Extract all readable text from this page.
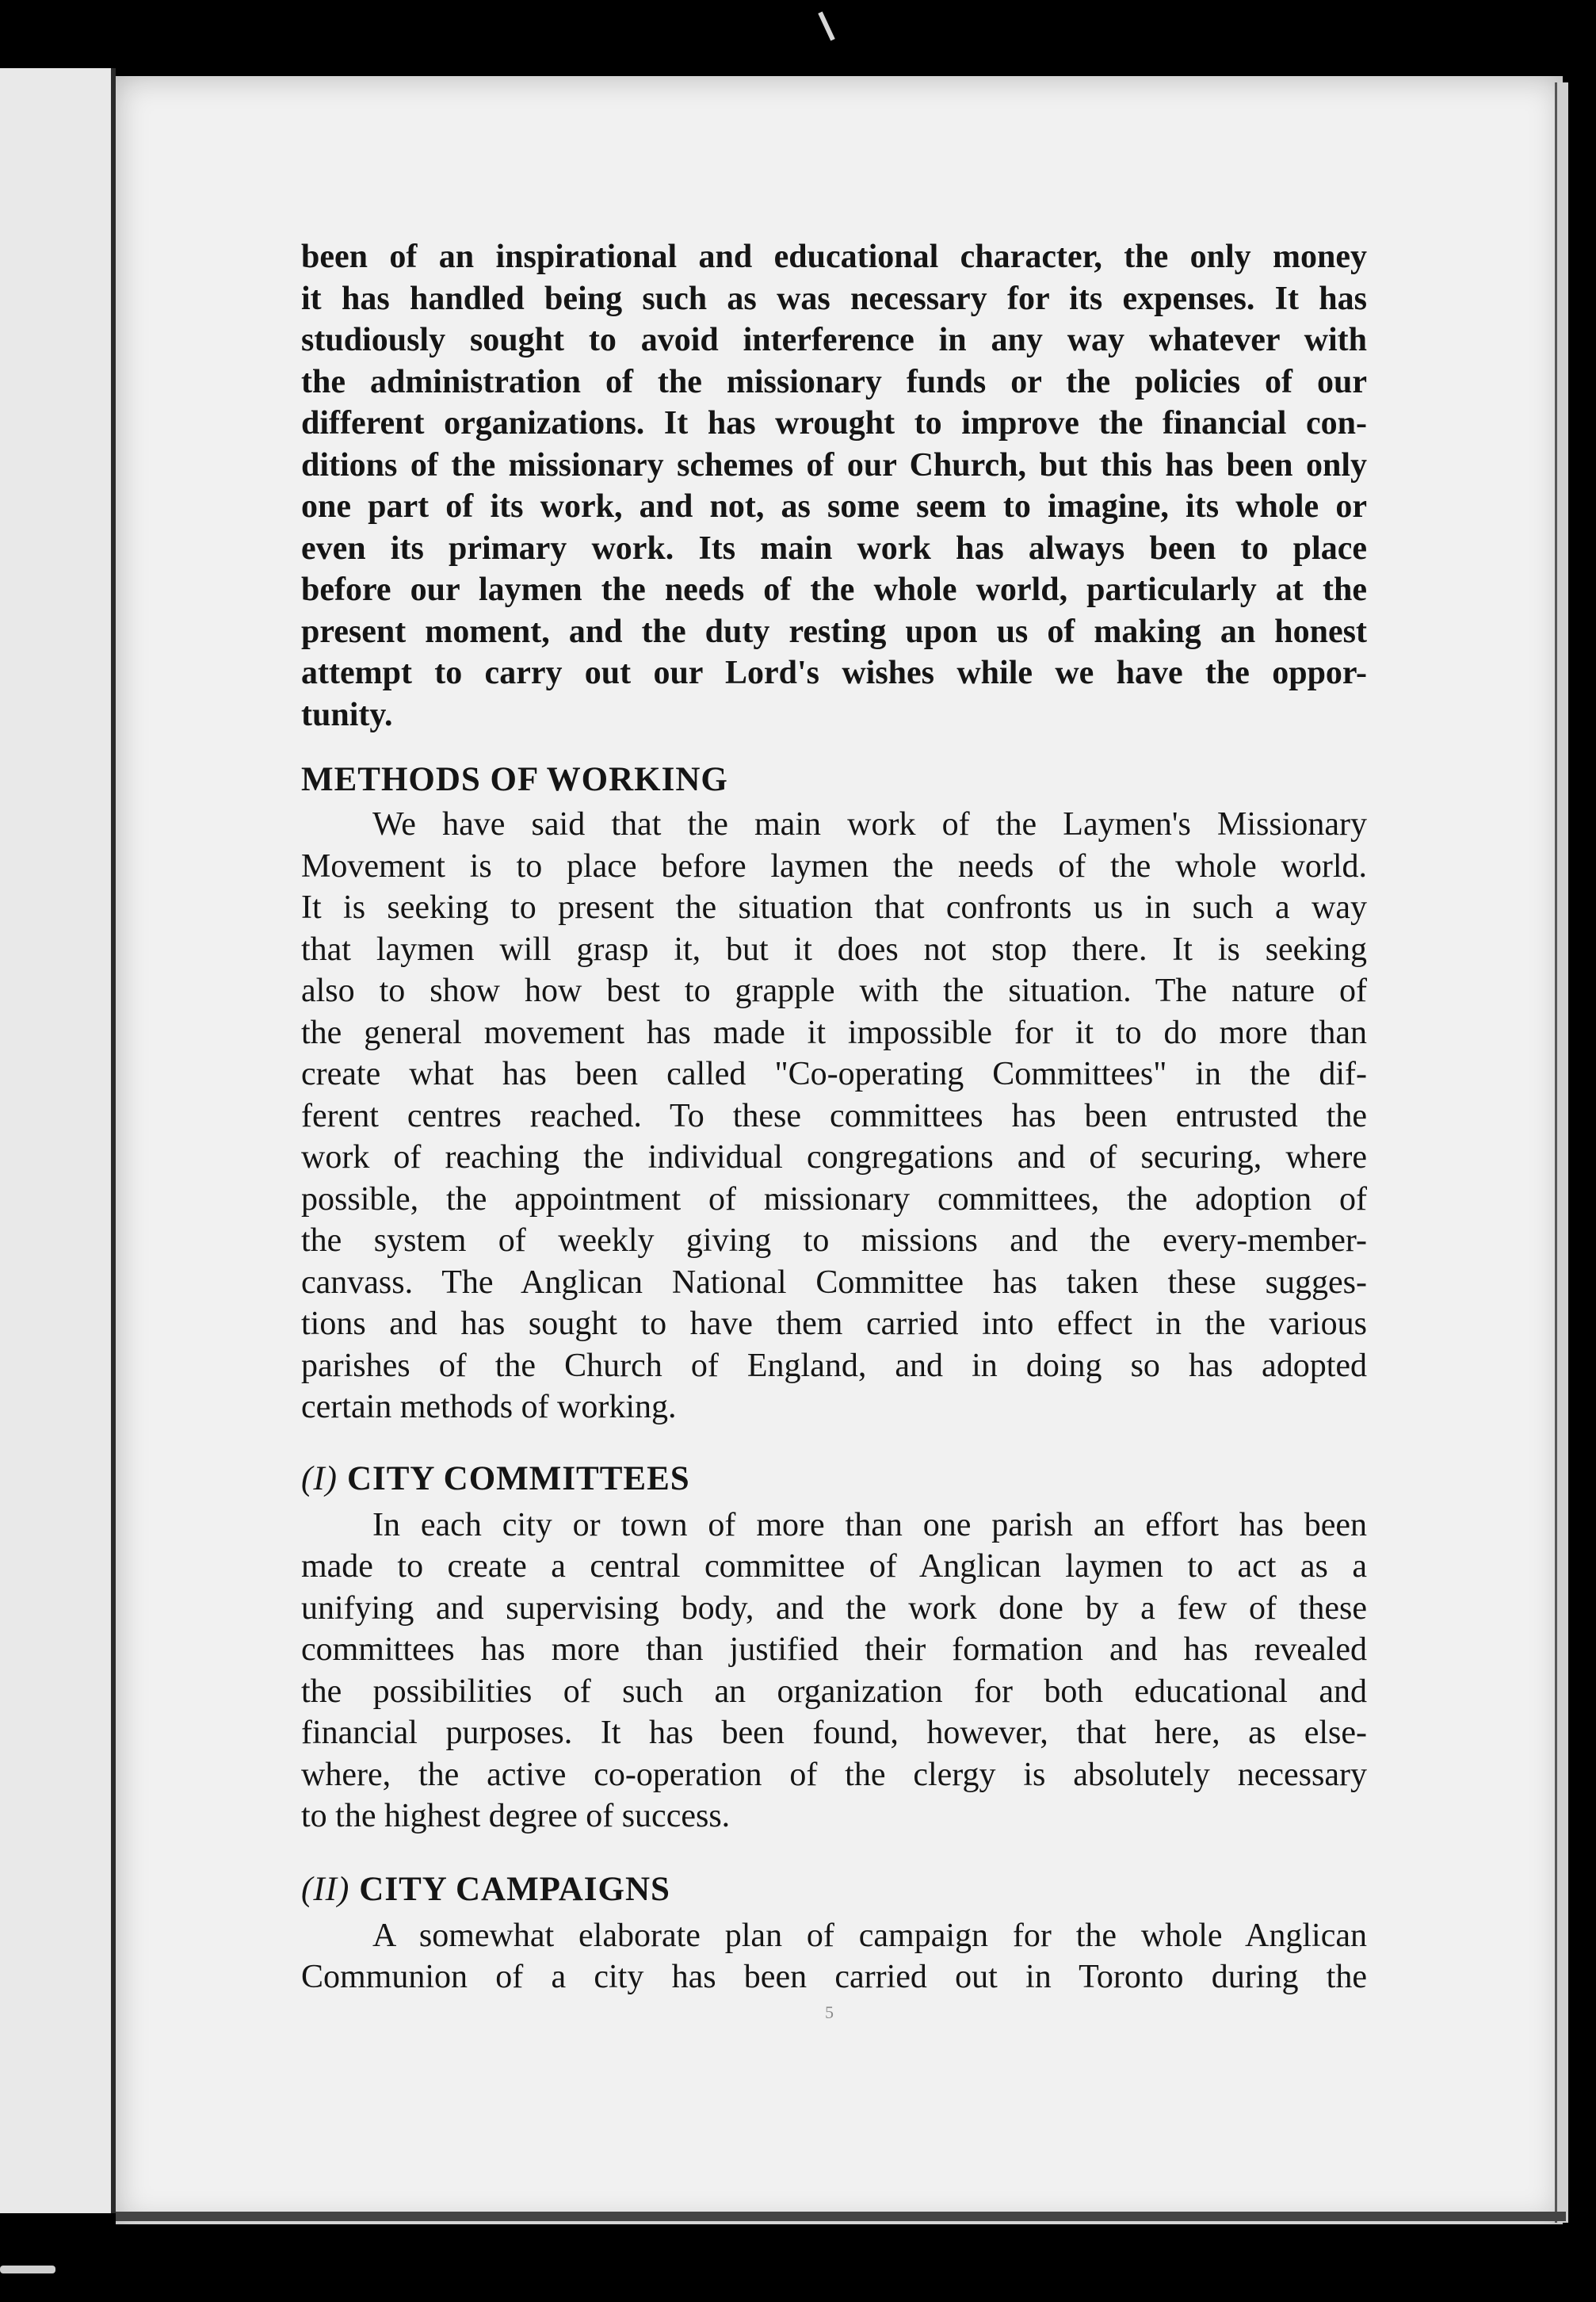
been of an inspirational and educational character, the only money
it has handled being such as was necessary for its expenses. It has
studiously sought to avoid interference in any way whatever with
the administration of the missionary funds or the policies of our
different organizations. It has wrought to improve the financial con-
ditions of the missionary schemes of our Church, but this has been only
one part of its work, and not, as some seem to imagine, its whole or
even its primary work. Its main work has always been to place
before our laymen the needs of the whole world, particularly at the
present moment, and the duty resting upon us of making an honest
attempt to carry out our Lord's wishes while we have the oppor-
tunity.
METHODS OF WORKING
We have said that the main work of the Laymen's Missionary
Movement is to place before laymen the needs of the whole world.
It is seeking to present the situation that confronts us in such a way
that laymen will grasp it, but it does not stop there. It is seeking
also to show how best to grapple with the situation. The nature of
the general movement has made it impossible for it to do more than
create what has been called "Co-operating Committees" in the dif-
ferent centres reached. To these committees has been entrusted the
work of reaching the individual congregations and of securing, where
possible, the appointment of missionary committees, the adoption of
the system of weekly giving to missions and the every-member-
canvass. The Anglican National Committee has taken these sugges-
tions and has sought to have them carried into effect in the various
parishes of the Church of England, and in doing so has adopted
certain methods of working.
(I) CITY COMMITTEES
In each city or town of more than one parish an effort has been
made to create a central committee of Anglican laymen to act as a
unifying and supervising body, and the work done by a few of these
committees has more than justified their formation and has revealed
the possibilities of such an organization for both educational and
financial purposes. It has been found, however, that here, as else-
where, the active co-operation of the clergy is absolutely necessary
to the highest degree of success.
(II) CITY CAMPAIGNS
A somewhat elaborate plan of campaign for the whole Anglican
Communion of a city has been carried out in Toronto during the
5
